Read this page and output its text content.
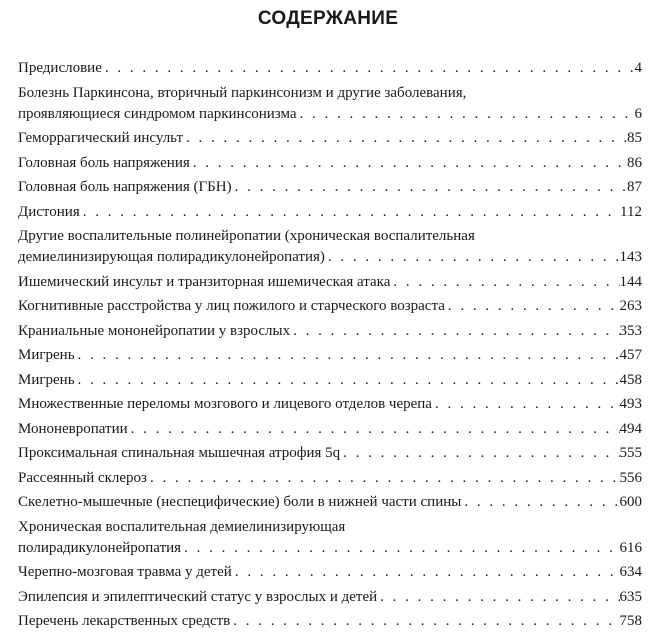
СОДЕРЖАНИЕ
Предисловие . . .	4
Болезнь Паркинсона, вторичный паркинсонизм и другие заболевания,
проявляющиеся синдромом паркинсонизма . . .	6
Геморрагический инсульт . . .	85
Головная боль напряжения . . .	86
Головная боль напряжения (ГБН) . . .	87
Дистония . . .	112
Другие воспалительные полинейропатии (хроническая воспалительная
демиелинизирующая полирадикулонейропатия) . . .	143
Ишемический инсульт и транзиторная ишемическая атака . . .	144
Когнитивные расстройства у лиц пожилого и старческого возраста . . .	263
Краниальные мононейропатии у взрослых . . .	353
Мигрень . . .	457
Мигрень . . .	458
Множественные переломы мозгового и лицевого отделов черепа . . .	493
Мононевропатии . . .	494
Проксимальная спинальная мышечная атрофия 5q . . .	555
Рассеянный склероз . . .	556
Скелетно-мышечные (неспецифические) боли в нижней части спины . . .	600
Хроническая воспалительная демиелинизирующая
полирадикулонейропатия . . .	616
Черепно-мозговая травма у детей . . .	634
Эпилепсия и эпилептический статус у взрослых и детей . . .	635
Перечень лекарственных средств . . .	758
